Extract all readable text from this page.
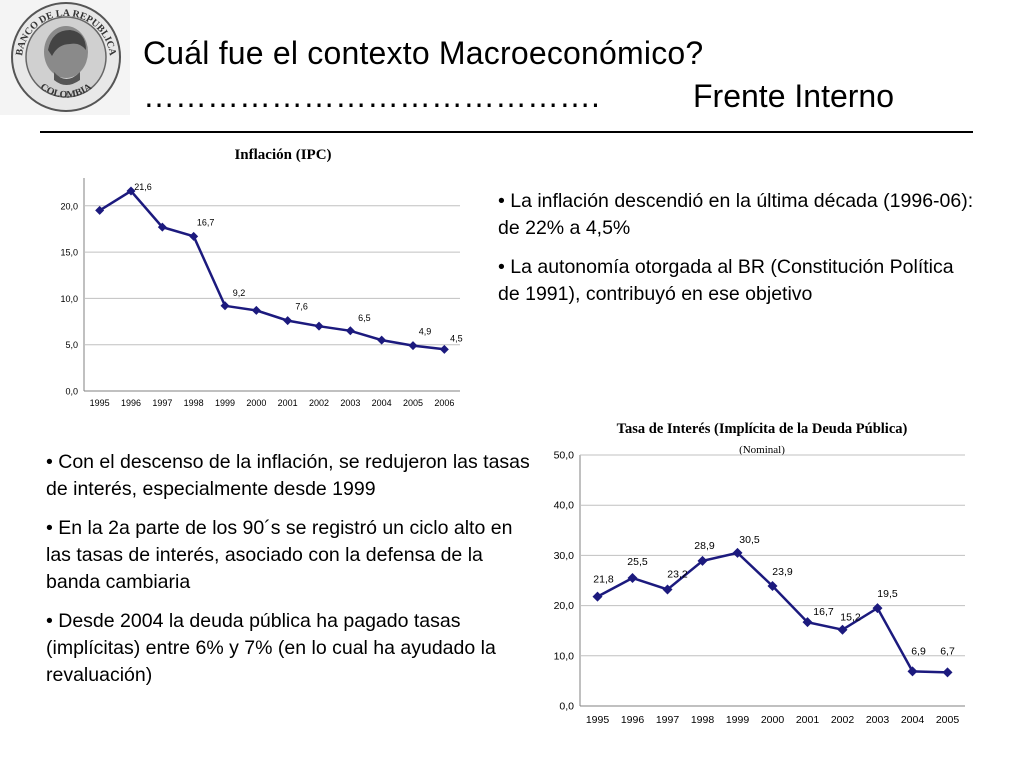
BANCO DE LA REPUBLICA
COLOMBIA
Cuál fue el contexto Macroeconómico?
…………………………………….	Frente Interno
Inflación (IPC)
0,0
5,0
10,0
15,0
20,0
1995 1996 1997 1998 1999 2000 2001 2002 2003 2004 2005 2006
21,6
16,7
9,2
7,6
6,5
4,9
4,5
Tasa de Interés (Implícita de la Deuda Pública)
(Nominal)
0,0
10,0
20,0
30,0
40,0
50,0
1995 1996 1997 1998 1999 2000 2001 2002 2003 2004 2005
21,8
25,5
23,2
28,9
30,5
23,9
16,7 15,2
19,5
6,9 6,7

• La inflación descendió en la última década (1996-06): de 22% a 4,5%

• La autonomía otorgada al BR (Constitución Política de 1991), contribuyó en ese objetivo

• Con el descenso de la inflación, se redujeron las tasas de interés, especialmente desde 1999

• En la 2a parte de los 90´s se registró un ciclo alto en las tasas de interés, asociado con la defensa de la banda cambiaria

• Desde 2004 la deuda pública ha pagado tasas (implícitas) entre 6% y 7% (en lo cual ha ayudado la revaluación)
